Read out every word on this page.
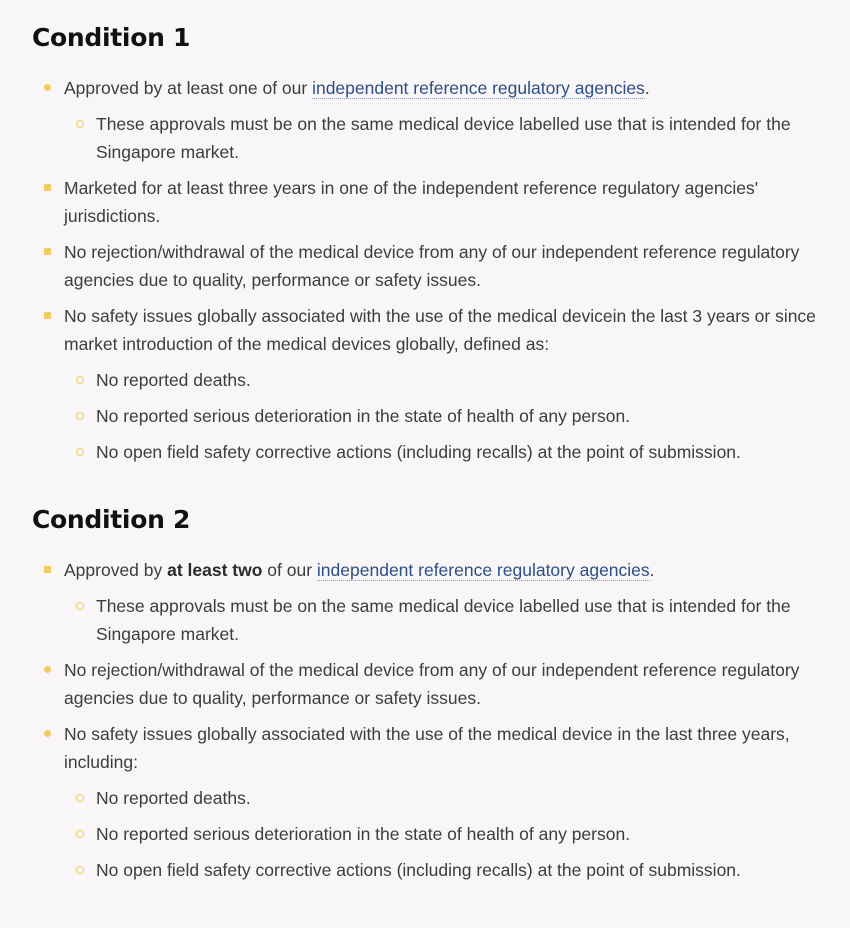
Condition 1
Approved by at least one of our independent reference regulatory agencies.
These approvals must be on the same medical device labelled use that is intended for the Singapore market.
Marketed for at least three years in one of the independent reference regulatory agencies' jurisdictions.
No rejection/withdrawal of the medical device from any of our independent reference regulatory agencies due to quality, performance or safety issues.
No safety issues globally associated with the use of the medical devicein the last 3 years or since market introduction of the medical devices globally, defined as:
No reported deaths.
No reported serious deterioration in the state of health of any person.
No open field safety corrective actions (including recalls) at the point of submission.
Condition 2
Approved by at least two of our independent reference regulatory agencies.
These approvals must be on the same medical device labelled use that is intended for the Singapore market.
No rejection/withdrawal of the medical device from any of our independent reference regulatory agencies due to quality, performance or safety issues.
No safety issues globally associated with the use of the medical device in the last three years, including:
No reported deaths.
No reported serious deterioration in the state of health of any person.
No open field safety corrective actions (including recalls) at the point of submission.
